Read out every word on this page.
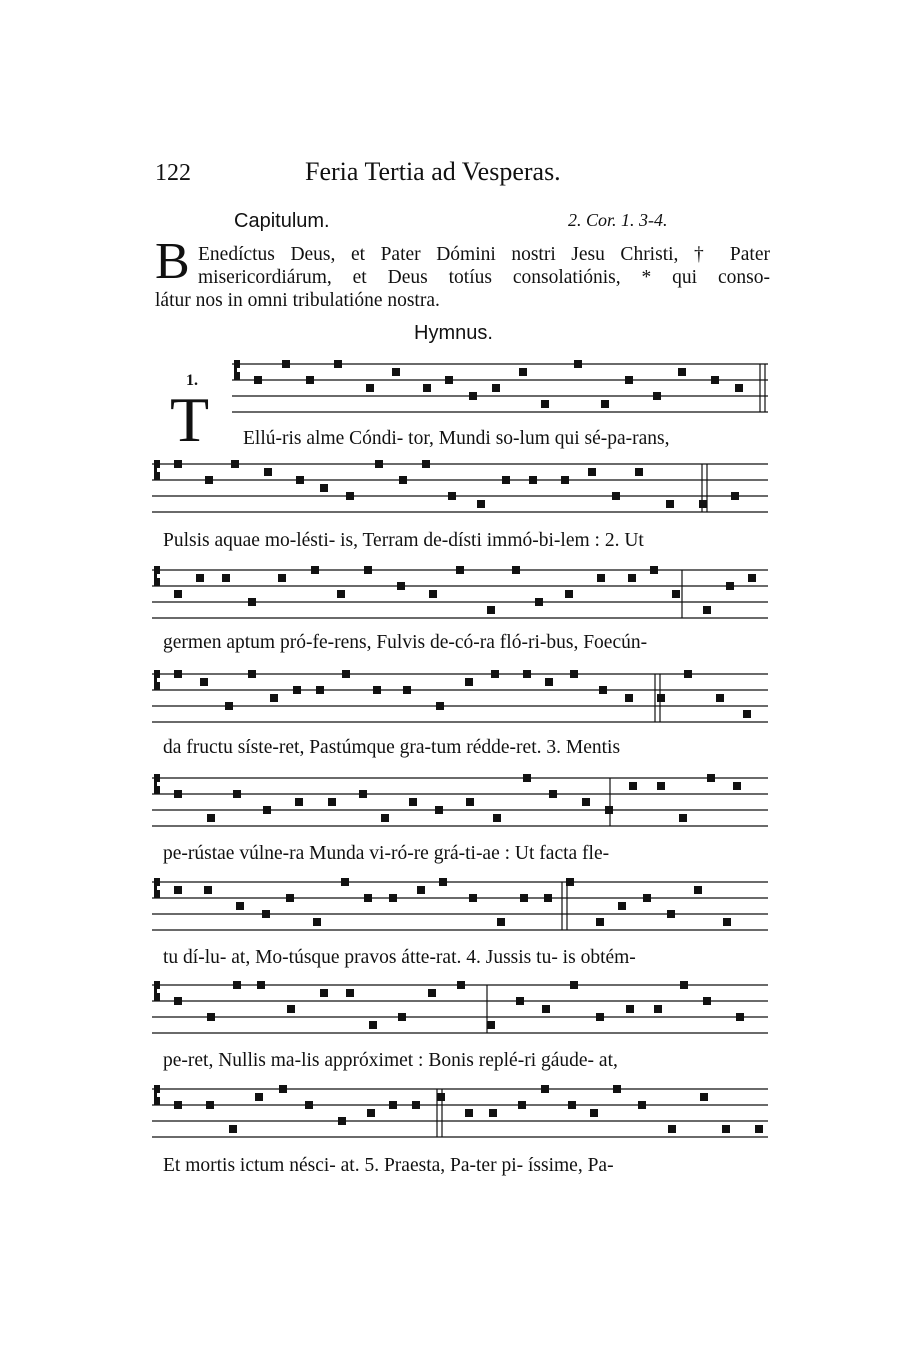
122	Feria Tertia ad Vesperas.
Capitulum.	2. Cor. 1. 3-4.
B Enedíctus Deus, et Pater Dómini nostri Jesu Christi, † Pater
misericordiárum, et Deus totíus consolatiónis, * qui conso-
látur nos in omni tribulatióne nostra.
Hymnus.
1.
T Ellú-ris alme Cóndi- tor, Mundi so-lum qui sé-pa-rans,
Pulsis aquae mo-lésti- is, Terram de-dísti immó-bi-lem : 2. Ut
germen aptum pró-fe-rens, Fulvis de-có-ra fló-ri-bus, Foecún-
da fructu síste-ret, Pastúmque gra-tum rédde-ret. 3. Mentis
pe-rústae vúlne-ra Munda vi-ró-re grá-ti-ae : Ut facta fle-
tu dí-lu- at, Mo-túsque pravos átte-rat. 4. Jussis tu- is obtém-
pe-ret, Nullis ma-lis appróximet : Bonis replé-ri gáude- at,
Et mortis ictum nésci- at. 5. Praesta, Pa-ter pi- íssime, Pa-
